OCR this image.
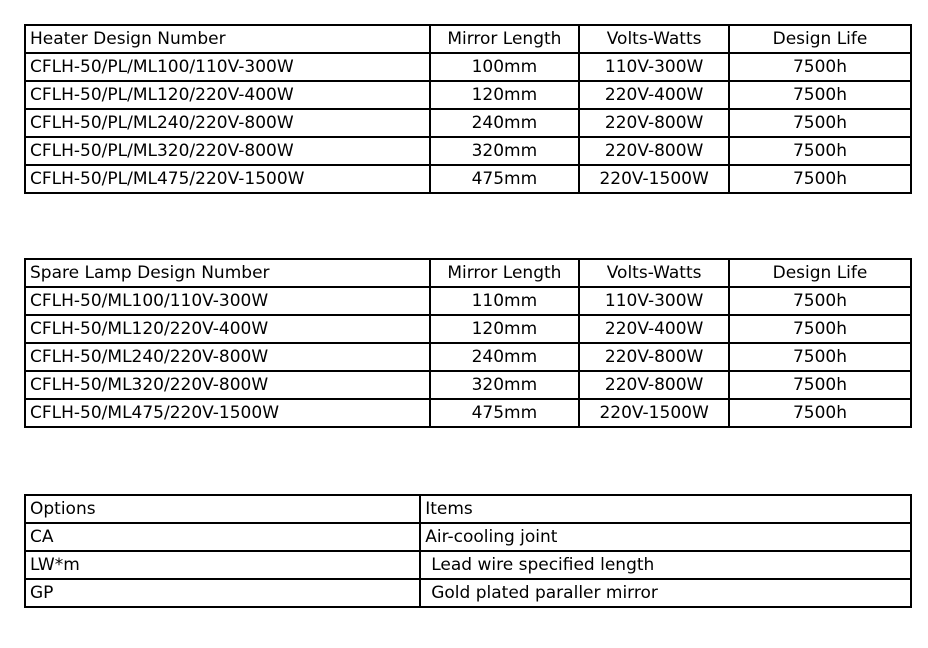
Heater Design Number	Mirror Length	Volts-Watts	Design Life
CFLH-50/PL/ML100/110V-300W	100mm	110V-300W	7500h
CFLH-50/PL/ML120/220V-400W	120mm	220V-400W	7500h
CFLH-50/PL/ML240/220V-800W	240mm	220V-800W	7500h
CFLH-50/PL/ML320/220V-800W	320mm	220V-800W	7500h
CFLH-50/PL/ML475/220V-1500W	475mm	220V-1500W	7500h
Spare Lamp Design Number	Mirror Length	Volts-Watts	Design Life
CFLH-50/ML100/110V-300W	110mm	110V-300W	7500h
CFLH-50/ML120/220V-400W	120mm	220V-400W	7500h
CFLH-50/ML240/220V-800W	240mm	220V-800W	7500h
CFLH-50/ML320/220V-800W	320mm	220V-800W	7500h
CFLH-50/ML475/220V-1500W	475mm	220V-1500W	7500h
Options	Items
CA	Air-cooling joint
LW*m	Lead wire specified length
GP	Gold plated paraller mirror
